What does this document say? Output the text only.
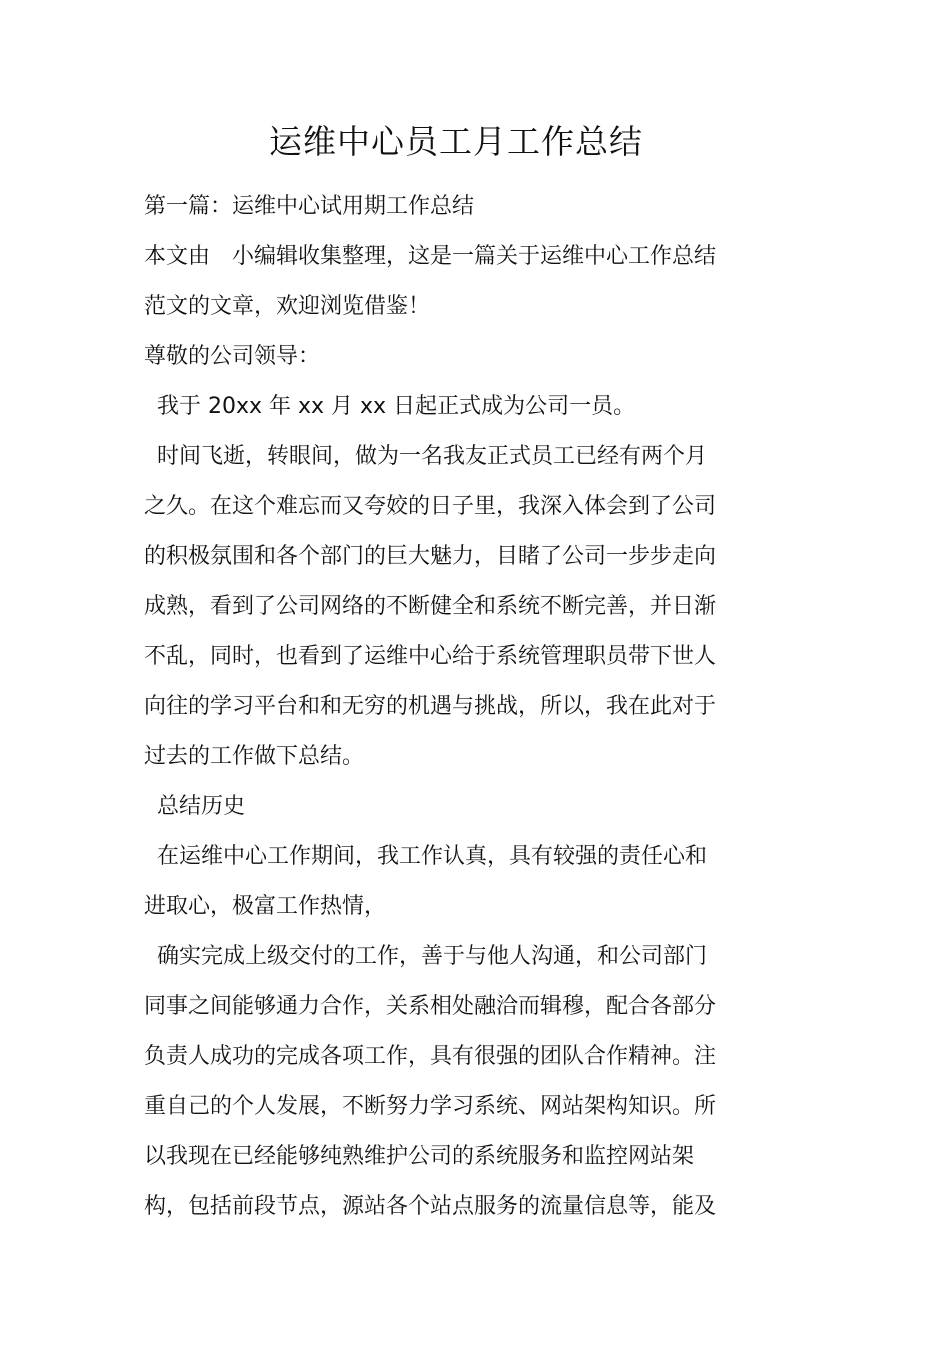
运维中心员工月工作总结
第一篇：运维中心试用期工作总结
本文由　小编辑收集整理，这是一篇关于运维中心工作总结
范文的文章，欢迎浏览借鉴！
尊敬的公司领导：
我于 20xx 年 xx 月 xx 日起正式成为公司一员。
时间飞逝，转眼间，做为一名我友正式员工已经有两个月
之久。在这个难忘而又夸姣的日子里，我深入体会到了公司
的积极氛围和各个部门的巨大魅力，目睹了公司一步步走向
成熟，看到了公司网络的不断健全和系统不断完善，并日渐
不乱，同时，也看到了运维中心给于系统管理职员带下世人
向往的学习平台和和无穷的机遇与挑战，所以，我在此对于
过去的工作做下总结。
总结历史
在运维中心工作期间，我工作认真，具有较强的责任心和
进取心，极富工作热情，
确实完成上级交付的工作，善于与他人沟通，和公司部门
同事之间能够通力合作，关系相处融洽而辑穆，配合各部分
负责人成功的完成各项工作，具有很强的团队合作精神。注
重自己的个人发展，不断努力学习系统、网站架构知识。所
以我现在已经能够纯熟维护公司的系统服务和监控网站架
构，包括前段节点，源站各个站点服务的流量信息等，能及
